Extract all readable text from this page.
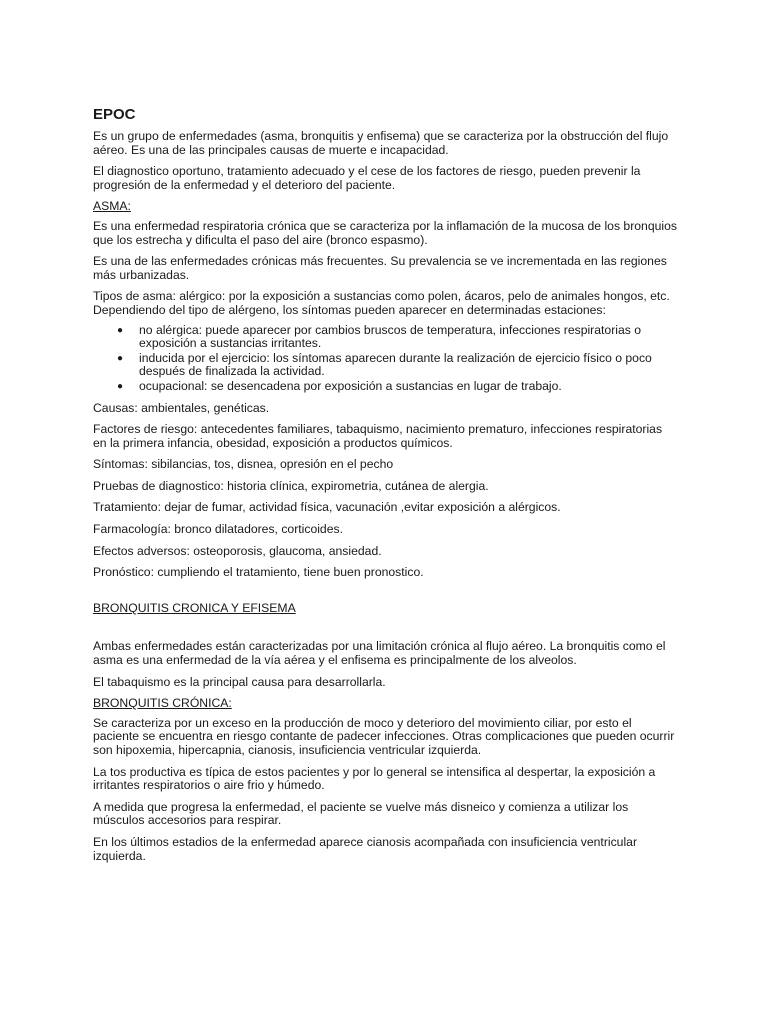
EPOC

Es un grupo de enfermedades (asma, bronquitis y enfisema) que se caracteriza por la obstrucción del flujo aéreo. Es una de las principales causas de muerte e incapacidad.

El diagnostico oportuno, tratamiento adecuado y el cese de los factores de riesgo, pueden prevenir la progresión de la enfermedad y el deterioro del paciente.

ASMA:

Es una enfermedad respiratoria crónica que se caracteriza por la inflamación de la mucosa de los bronquios que los estrecha y dificulta el paso del aire (bronco espasmo).

Es una de las enfermedades crónicas más frecuentes. Su prevalencia se ve incrementada en las regiones más urbanizadas.

Tipos de asma: alérgico: por la exposición a sustancias como polen, ácaros, pelo de animales hongos, etc. Dependiendo del tipo de alérgeno, los síntomas pueden aparecer en determinadas estaciones:

● no alérgica: puede aparecer por cambios bruscos de temperatura, infecciones respiratorias o exposición a sustancias irritantes.
● inducida por el ejercicio: los síntomas aparecen durante la realización de ejercicio físico o poco después de finalizada la actividad.
● ocupacional: se desencadena por exposición a sustancias en lugar de trabajo.

Causas: ambientales, genéticas.

Factores de riesgo: antecedentes familiares, tabaquismo, nacimiento prematuro, infecciones respiratorias en la primera infancia, obesidad, exposición a productos químicos.

Síntomas: sibilancias, tos, disnea, opresión en el pecho

Pruebas de diagnostico: historia clínica, expirometria, cutánea de alergia.

Tratamiento: dejar de fumar, actividad física, vacunación ,evitar exposición a alérgicos.

Farmacología: bronco dilatadores, corticoides.

Efectos adversos: osteoporosis, glaucoma, ansiedad.

Pronóstico: cumpliendo el tratamiento, tiene buen pronostico.

BRONQUITIS CRONICA Y EFISEMA

Ambas enfermedades están caracterizadas por una limitación crónica al flujo aéreo. La bronquitis como el asma es una enfermedad de la vía aérea y el enfisema es principalmente de los alveolos.

El tabaquismo es la principal causa para desarrollarla.

BRONQUITIS CRÓNICA:

Se caracteriza por un exceso en la producción de moco y deterioro del movimiento ciliar, por esto el paciente se encuentra en riesgo contante de padecer infecciones. Otras complicaciones que pueden ocurrir son hipoxemia, hipercapnia, cianosis, insuficiencia ventricular izquierda.

La tos productiva es típica de estos pacientes y por lo general se intensifica al despertar, la exposición a irritantes respiratorios o aire frio y húmedo.

A medida que progresa la enfermedad, el paciente se vuelve más disneico y comienza a utilizar los músculos accesorios para respirar.

En los últimos estadios de la enfermedad aparece cianosis acompañada con insuficiencia ventricular izquierda.
